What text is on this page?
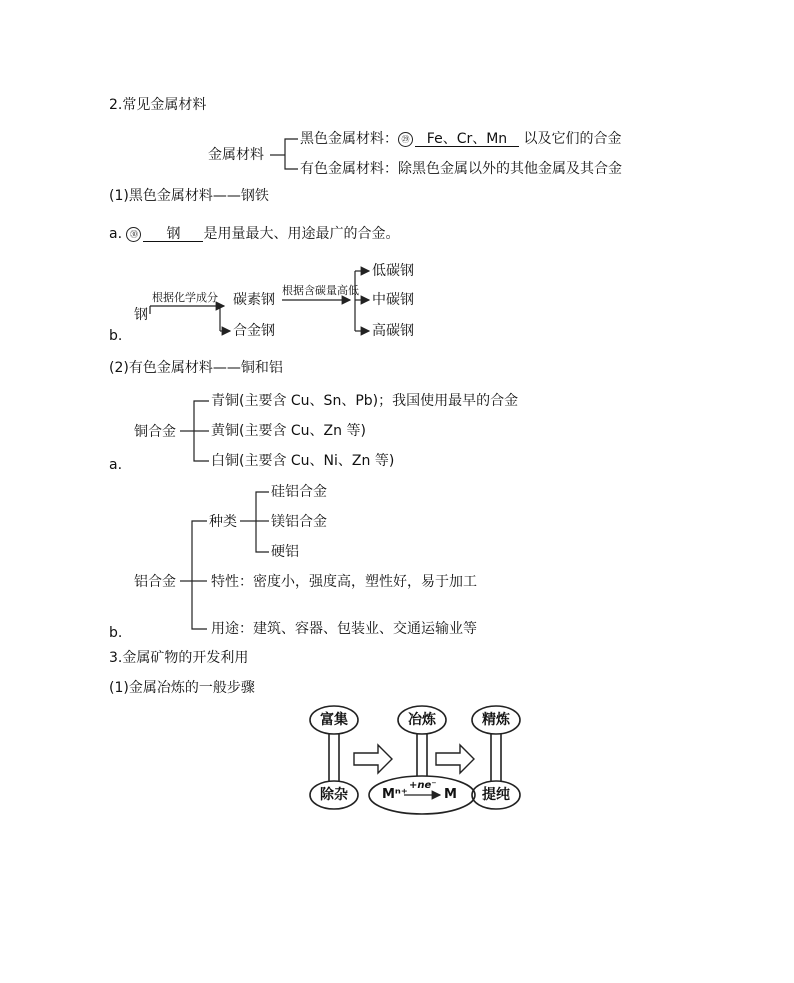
2.常见金属材料
金属材料
黑色金属材料： ㉙ Fe、Cr、Mn 以及它们的合金
有色金属材料：除黑色金属以外的其他金属及其合金
(1)黑色金属材料——钢铁
a. ㉚ 钢 是用量最大、用途最广的合金。
b.
钢
根据化学成分 碳素钢
合金钢
根据含碳量高低
低碳钢
中碳钢
高碳钢
(2)有色金属材料——铜和铝
a.
铜合金
青铜(主要含 Cu、Sn、Pb)；我国使用最早的合金
黄铜(主要含 Cu、Zn 等)
白铜(主要含 Cu、Ni、Zn 等)
b.
铝合金
种类
硅铝合金
镁铝合金
硬铝
特性：密度小，强度高，塑性好，易于加工
用途：建筑、容器、包装业、交通运输业等
3.金属矿物的开发利用
(1)金属冶炼的一般步骤
富集
除杂
冶炼
Mⁿ⁺
+ne⁻
M
精炼
提纯
